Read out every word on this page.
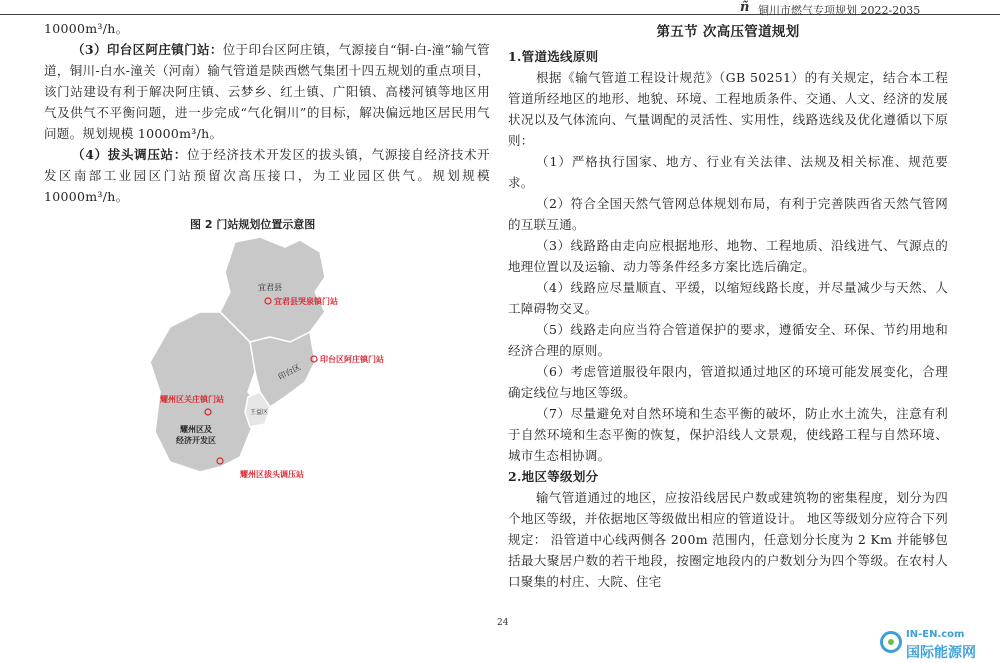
ñ 铜川市燃气专项规划 2022-2035

10000m³/h。

（3）印台区阿庄镇门站：位于印台区阿庄镇，气源接自“铜-白-潼”输气管道，铜川-白水-潼关（河南）输气管道是陕西燃气集团十四五规划的重点项目，该门站建设有利于解决阿庄镇、云梦乡、红土镇、广阳镇、高楼河镇等地区用气及供气不平衡问题，进一步完成“气化铜川”的目标，解决偏远地区居民用气问题。规划规模 10000m³/h。

（4）拔头调压站：位于经济技术开发区的拔头镇，气源接自经济技术开发区南部工业园区门站预留次高压接口，为工业园区供气。规划规模 10000m³/h。

图 2 门站规划位置示意图
宜君县
宜君县哭泉镇门站
印台区阿庄镇门站
印台区
耀州区关庄镇门站
王益区
耀州区及
经济开发区
耀州区拔头调压站
第五节 次高压管道规划

1.管道选线原则

根据《输气管道工程设计规范》（GB 50251）的有关规定，结合本工程管道所经地区的地形、地貌、环境、工程地质条件、交通、人文、经济的发展状况以及气体流向、气量调配的灵活性、实用性，线路选线及优化遵循以下原则：

（1）严格执行国家、地方、行业有关法律、法规及相关标准、规范要求。

（2）符合全国天然气管网总体规划布局，有利于完善陕西省天然气管网的互联互通。

（3）线路路由走向应根据地形、地物、工程地质、沿线进气、气源点的地理位置以及运输、动力等条件经多方案比选后确定。

（4）线路应尽量顺直、平缓，以缩短线路长度，并尽量减少与天然、人工障碍物交叉。

（5）线路走向应当符合管道保护的要求，遵循安全、环保、节约用地和经济合理的原则。

（6）考虑管道服役年限内，管道拟通过地区的环境可能发展变化，合理确定线位与地区等级。

（7）尽量避免对自然环境和生态平衡的破坏，防止水土流失，注意有利于自然环境和生态平衡的恢复，保护沿线人文景观，使线路工程与自然环境、城市生态相协调。

2.地区等级划分

输气管道通过的地区，应按沿线居民户数或建筑物的密集程度，划分为四个地区等级，并依据地区等级做出相应的管道设计。 地区等级划分应符合下列规定： 沿管道中心线两侧各 200m 范围内，任意划分长度为 2 Km 并能够包括最大聚居户数的若干地段，按圈定地段内的户数划分为四个等级。在农村人口聚集的村庄、大院、住宅

24
IN-EN.com
国际能源网
